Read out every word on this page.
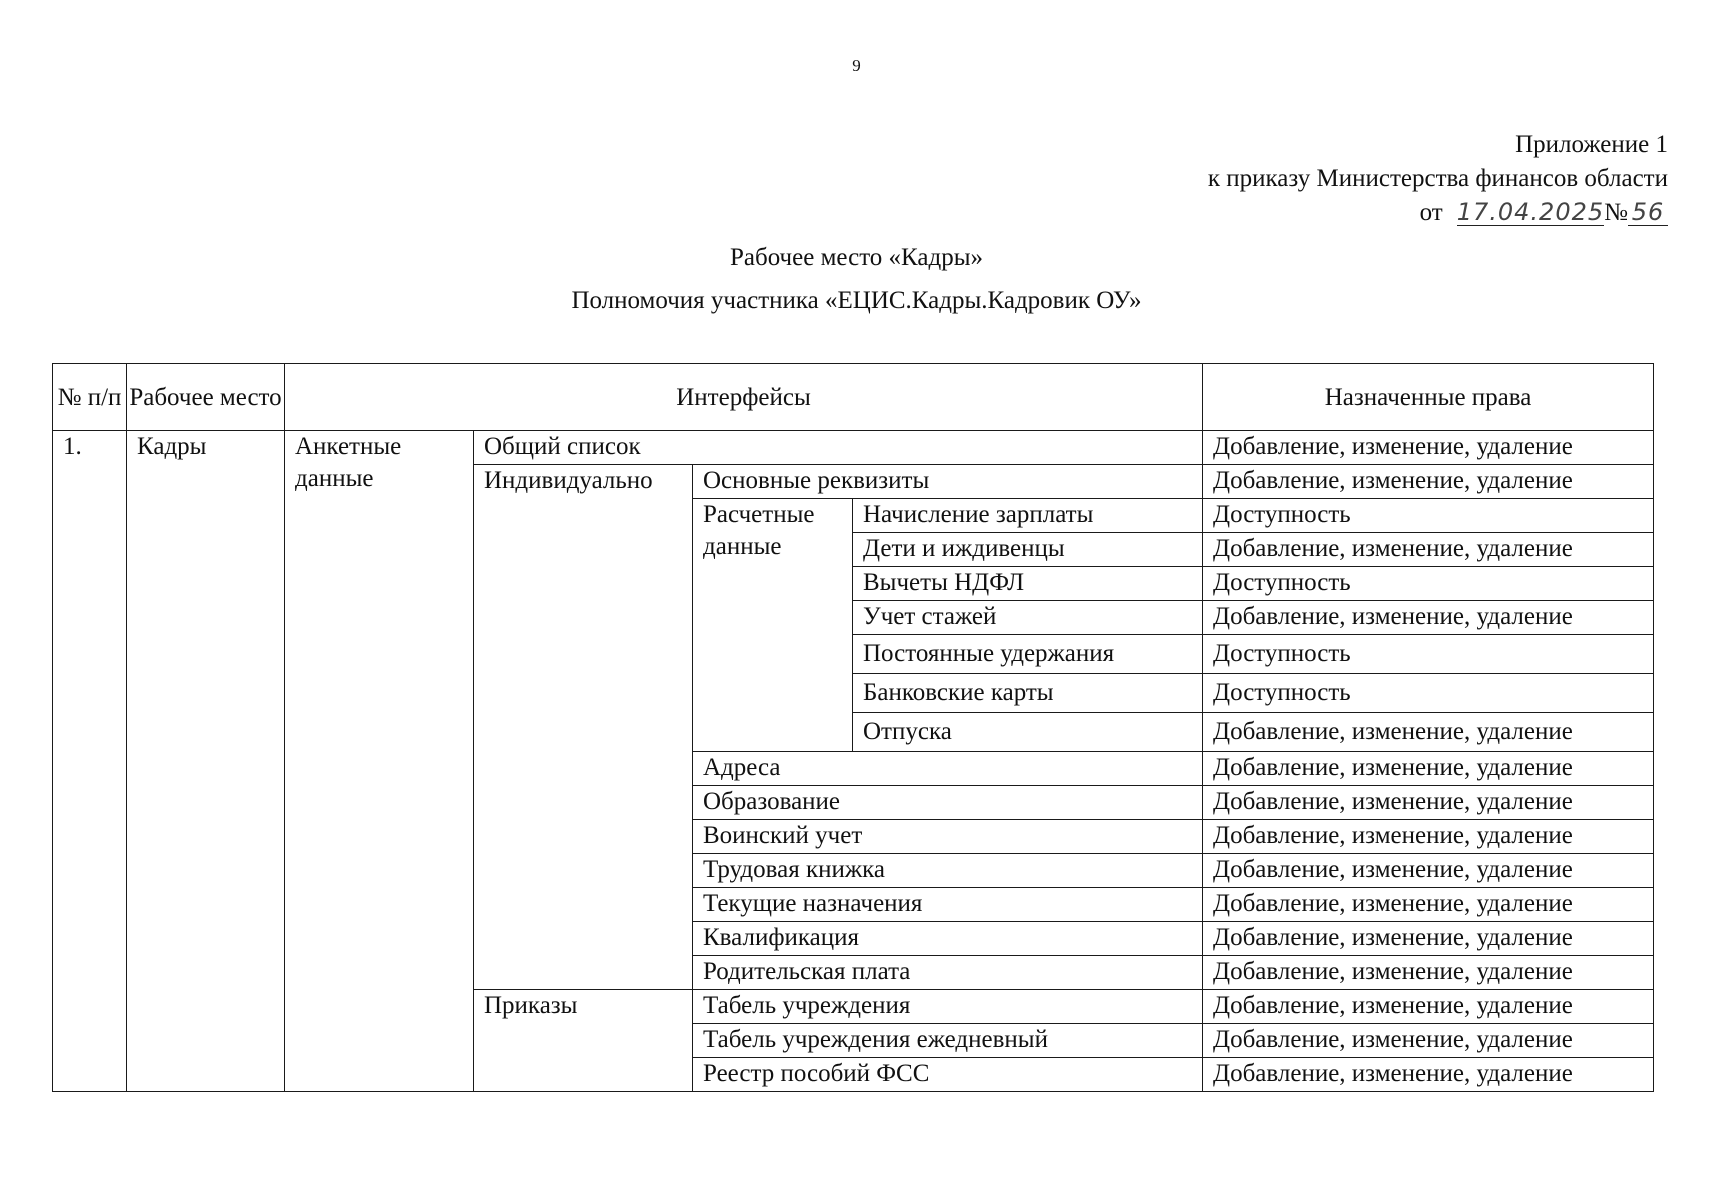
9
Приложение 1
к приказу Министерства финансов области
от 17.04.2025№ 56
Рабочее место «Кадры»
Полномочия участника «ЕЦИС.Кадры.Кадровик ОУ»
№ п/п	Рабочее место	Интерфейсы				Назначенные права
1.	Кадры	Анкетные данные	Общий список			Добавление, изменение, удаление
			Индивидуально	Основные реквизиты		Добавление, изменение, удаление
				Расчетные данные	Начисление зарплаты	Доступность
					Дети и иждивенцы	Добавление, изменение, удаление
					Вычеты НДФЛ	Доступность
					Учет стажей	Добавление, изменение, удаление
					Постоянные удержания	Доступность
					Банковские карты	Доступность
					Отпуска	Добавление, изменение, удаление
				Адреса		Добавление, изменение, удаление
				Образование		Добавление, изменение, удаление
				Воинский учет		Добавление, изменение, удаление
				Трудовая книжка		Добавление, изменение, удаление
				Текущие назначения		Добавление, изменение, удаление
				Квалификация		Добавление, изменение, удаление
				Родительская плата		Добавление, изменение, удаление
			Приказы	Табель учреждения		Добавление, изменение, удаление
				Табель учреждения ежедневный		Добавление, изменение, удаление
				Реестр пособий ФСС		Добавление, изменение, удаление
